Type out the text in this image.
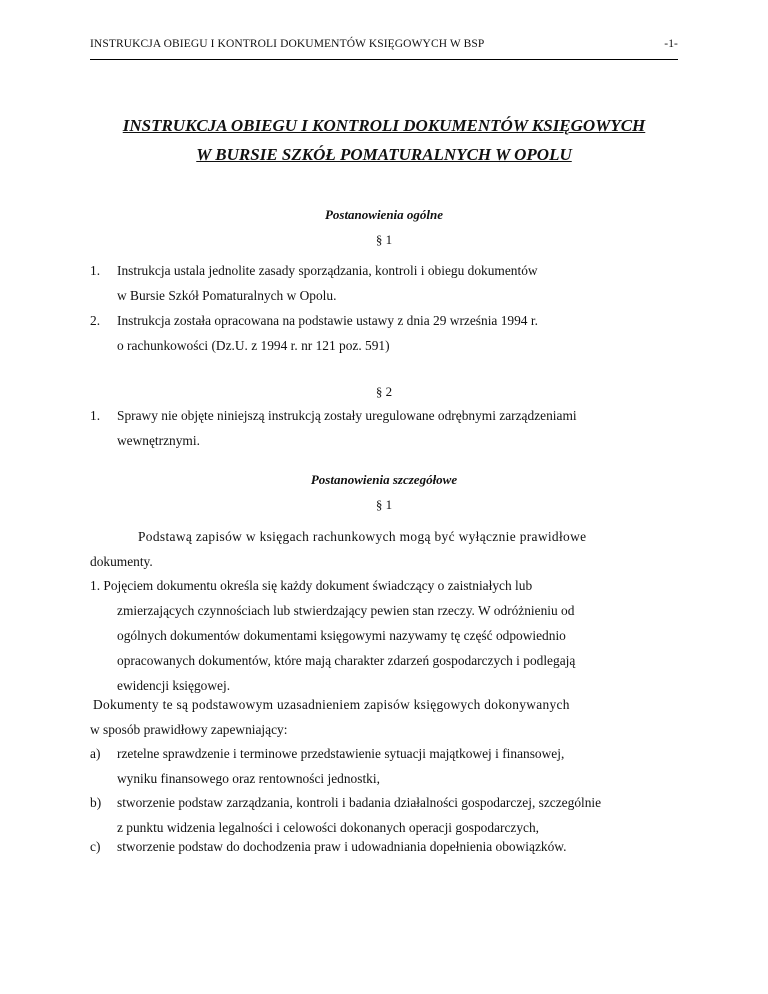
INSTRUKCJA OBIEGU I KONTROLI DOKUMENTÓW KSIĘGOWYCH W BSP	-1-
INSTRUKCJA OBIEGU I KONTROLI DOKUMENTÓW KSIĘGOWYCH
W BURSIE SZKÓŁ POMATURALNYCH W OPOLU
Postanowienia ogólne
§ 1
1. Instrukcja ustala jednolite zasady sporządzania, kontroli i obiegu dokumentów
w Bursie Szkół Pomaturalnych w Opolu.
2. Instrukcja została opracowana na podstawie ustawy z dnia 29 września 1994 r.
o rachunkowości (Dz.U. z 1994 r. nr 121 poz. 591)
§ 2
1. Sprawy nie objęte niniejszą instrukcją zostały uregulowane odrębnymi zarządzeniami
wewnętrznymi.
Postanowienia szczegółowe
§ 1
Podstawą zapisów w księgach rachunkowych mogą być wyłącznie prawidłowe
dokumenty.
1. Pojęciem dokumentu określa się każdy dokument świadczący o zaistniałych lub
zmierzających czynnościach lub stwierdzający pewien stan rzeczy. W odróżnieniu od
ogólnych dokumentów dokumentami księgowymi nazywamy tę część odpowiednio
opracowanych dokumentów, które mają charakter zdarzeń gospodarczych i podlegają
ewidencji księgowej.
Dokumenty te są podstawowym uzasadnieniem zapisów księgowych dokonywanych
w sposób prawidłowy zapewniający:
a) rzetelne sprawdzenie i terminowe przedstawienie sytuacji majątkowej i finansowej,
wyniku finansowego oraz rentowności jednostki,
b) stworzenie podstaw zarządzania, kontroli i badania działalności gospodarczej, szczególnie
z punktu widzenia legalności i celowości dokonanych operacji gospodarczych,
c) stworzenie podstaw do dochodzenia praw i udowadniania dopełnienia obowiązków.
